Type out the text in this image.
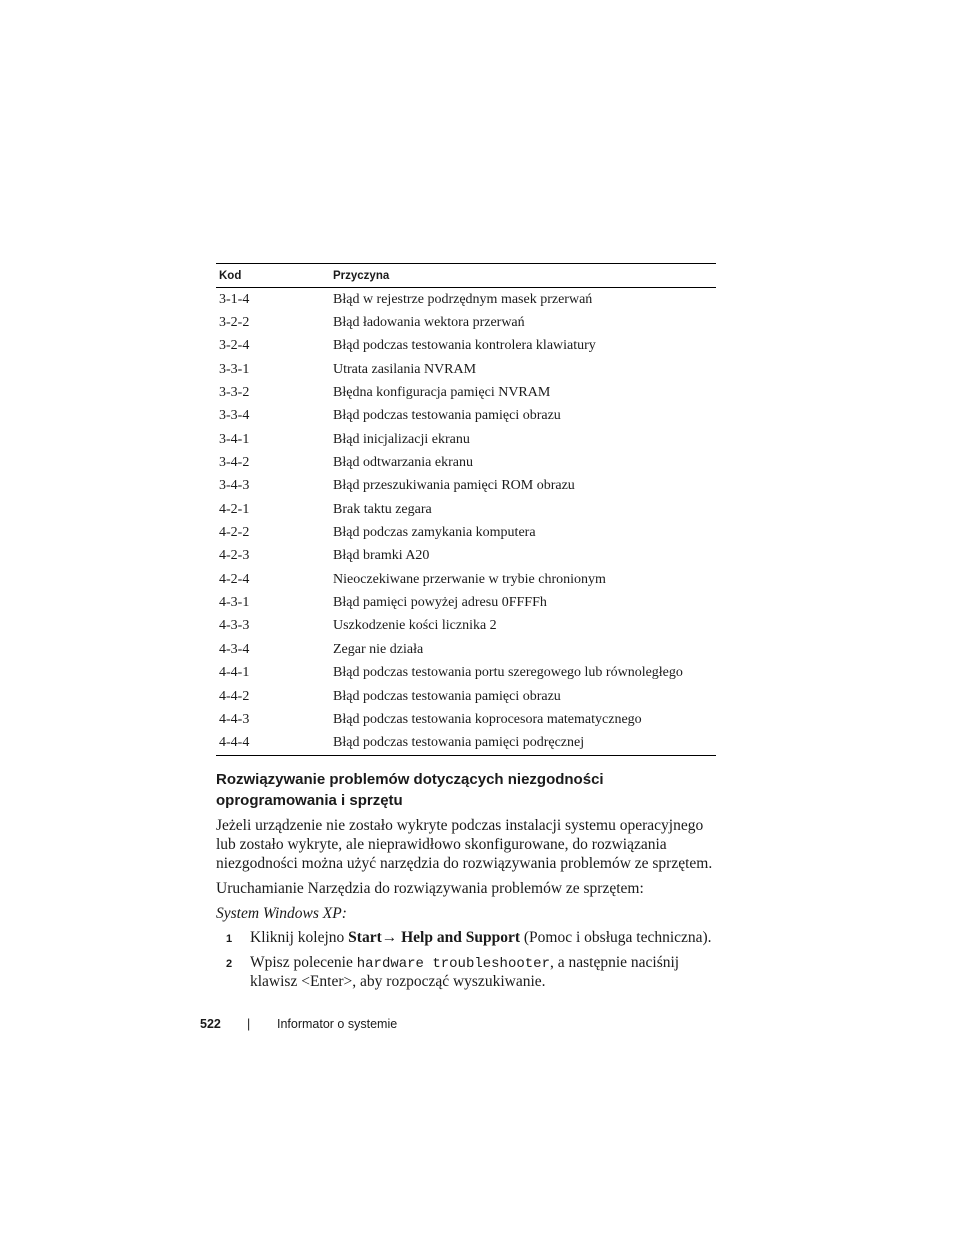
Kod	Przyczyna
3-1-4	Błąd w rejestrze podrzędnym masek przerwań
3-2-2	Błąd ładowania wektora przerwań
3-2-4	Błąd podczas testowania kontrolera klawiatury
3-3-1	Utrata zasilania NVRAM
3-3-2	Błędna konfiguracja pamięci NVRAM
3-3-4	Błąd podczas testowania pamięci obrazu
3-4-1	Błąd inicjalizacji ekranu
3-4-2	Błąd odtwarzania ekranu
3-4-3	Błąd przeszukiwania pamięci ROM obrazu
4-2-1	Brak taktu zegara
4-2-2	Błąd podczas zamykania komputera
4-2-3	Błąd bramki A20
4-2-4	Nieoczekiwane przerwanie w trybie chronionym
4-3-1	Błąd pamięci powyżej adresu 0FFFFh
4-3-3	Uszkodzenie kości licznika 2
4-3-4	Zegar nie działa
4-4-1	Błąd podczas testowania portu szeregowego lub równoległego
4-4-2	Błąd podczas testowania pamięci obrazu
4-4-3	Błąd podczas testowania koprocesora matematycznego
4-4-4	Błąd podczas testowania pamięci podręcznej
Rozwiązywanie problemów dotyczących niezgodności oprogramowania i sprzętu

Jeżeli urządzenie nie zostało wykryte podczas instalacji systemu operacyjnego lub zostało wykryte, ale nieprawidłowo skonfigurowane, do rozwiązania niezgodności można użyć narzędzia do rozwiązywania problemów ze sprzętem.

Uruchamianie Narzędzia do rozwiązywania problemów ze sprzętem:

System Windows XP:

1 Kliknij kolejno Start→ Help and Support (Pomoc i obsługa techniczna).
2 Wpisz polecenie hardware troubleshooter, a następnie naciśnij klawisz <Enter>, aby rozpocząć wyszukiwanie.
522 | Informator o systemie
